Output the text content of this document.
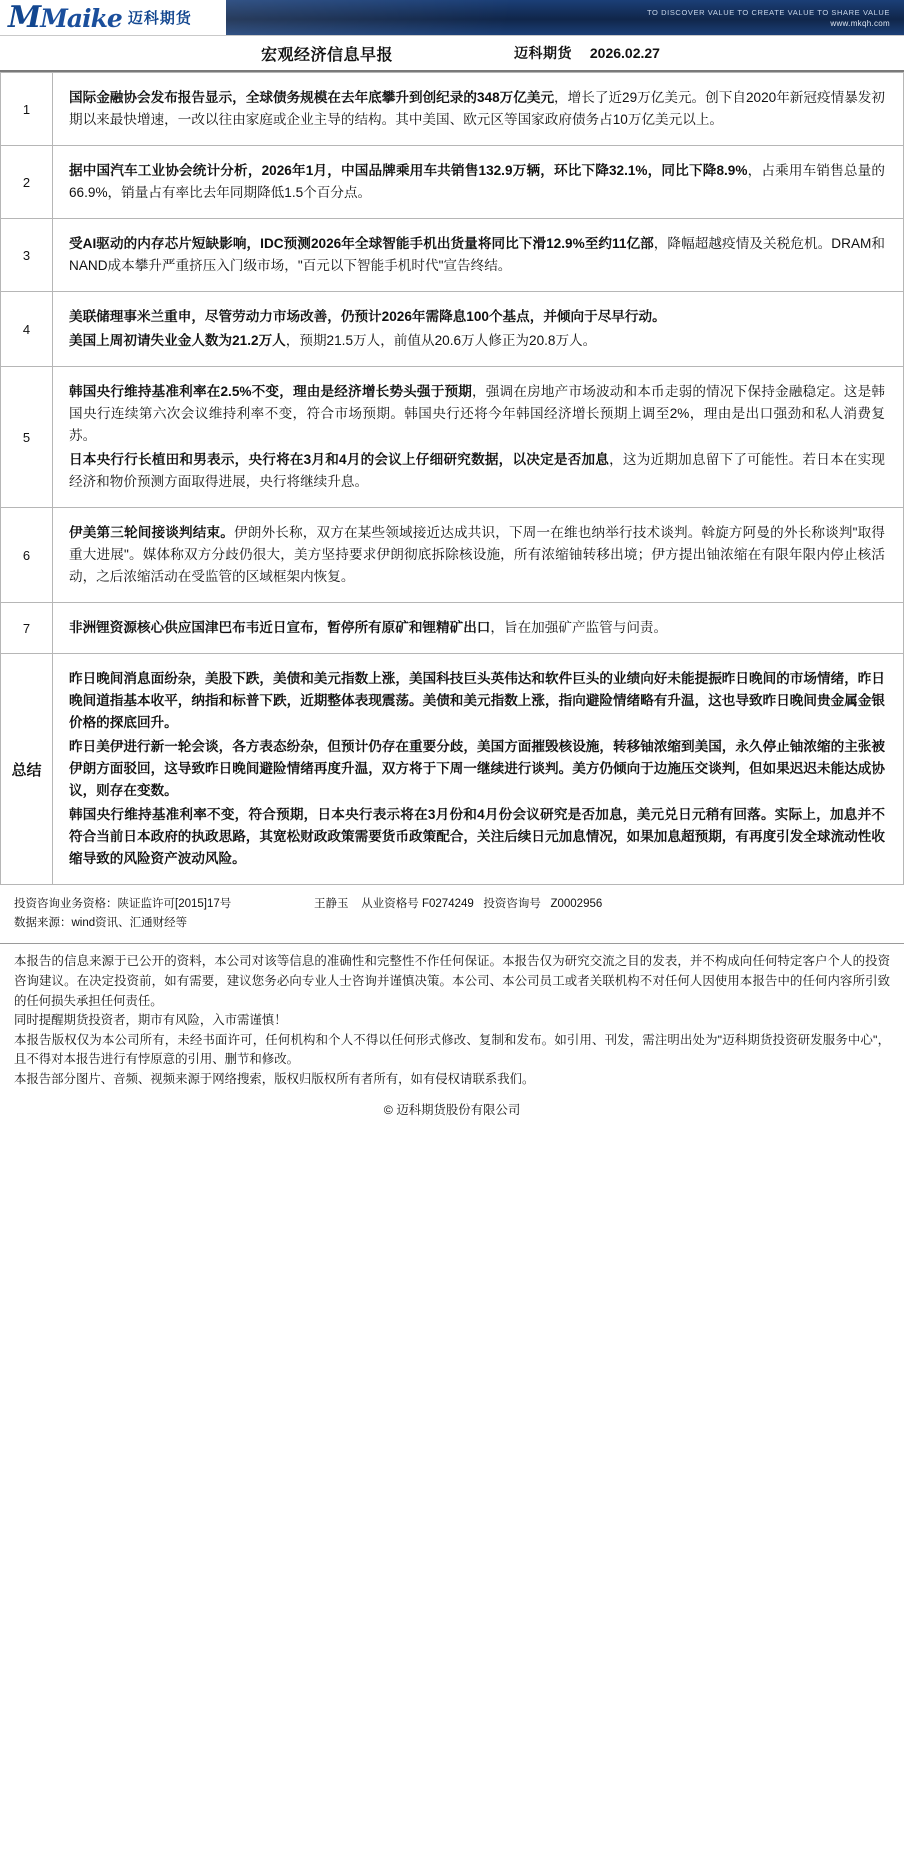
MMaike 迈科期货	TO DISCOVER VALUE TO CREATE VALUE TO SHARE VALUE
www.mkqh.com
宏观经济信息早报	迈科期货 2026.02.27
1	国际金融协会发布报告显示，全球债务规模在去年底攀升到创纪录的348万亿美元，增长了近29万亿美元。创下自2020年新冠疫情暴发初期以来最快增速，一改以往由家庭或企业主导的结构。其中美国、欧元区等国家政府债务占10万亿美元以上。

2	据中国汽车工业协会统计分析，2026年1月，中国品牌乘用车共销售132.9万辆，环比下降32.1%，同比下降8.9%，占乘用车销售总量的66.9%，销量占有率比去年同期降低1.5个百分点。

3	受AI驱动的内存芯片短缺影响，IDC预测2026年全球智能手机出货量将同比下滑12.9%至约11亿部，降幅超越疫情及关税危机。DRAM和NAND成本攀升严重挤压入门级市场，"百元以下智能手机时代"宣告终结。

4	美联储理事米兰重申，尽管劳动力市场改善，仍预计2026年需降息100个基点，并倾向于尽早行动。

美国上周初请失业金人数为21.2万人，预期21.5万人，前值从20.6万人修正为20.8万人。

5	韩国央行维持基准利率在2.5%不变，理由是经济增长势头强于预期，强调在房地产市场波动和本币走弱的情况下保持金融稳定。这是韩国央行连续第六次会议维持利率不变，符合市场预期。韩国央行还将今年韩国经济增长预期上调至2%，理由是出口强劲和私人消费复苏。

日本央行行长植田和男表示，央行将在3月和4月的会议上仔细研究数据，以决定是否加息，这为近期加息留下了可能性。若日本在实现经济和物价预测方面取得进展，央行将继续升息。

6	伊美第三轮间接谈判结束。伊朗外长称，双方在某些领域接近达成共识，下周一在维也纳举行技术谈判。斡旋方阿曼的外长称谈判"取得重大进展"。媒体称双方分歧仍很大，美方坚持要求伊朗彻底拆除核设施，所有浓缩铀转移出境；伊方提出铀浓缩在有限年限内停止核活动，之后浓缩活动在受监管的区域框架内恢复。

7	非洲锂资源核心供应国津巴布韦近日宣布，暂停所有原矿和锂精矿出口，旨在加强矿产监管与问责。

总结	昨日晚间消息面纷杂，美股下跌，美债和美元指数上涨，美国科技巨头英伟达和软件巨头的业绩向好未能提振昨日晚间的市场情绪，昨日晚间道指基本收平，纳指和标普下跌，近期整体表现震荡。美债和美元指数上涨，指向避险情绪略有升温，这也导致昨日晚间贵金属金银价格的探底回升。

昨日美伊进行新一轮会谈，各方表态纷杂，但预计仍存在重要分歧，美国方面摧毁核设施，转移铀浓缩到美国，永久停止铀浓缩的主张被伊朗方面驳回，这导致昨日晚间避险情绪再度升温，双方将于下周一继续进行谈判。美方仍倾向于边施压交谈判，但如果迟迟未能达成协议，则存在变数。

韩国央行维持基准利率不变，符合预期，日本央行表示将在3月份和4月份会议研究是否加息，美元兑日元稍有回落。实际上，加息并不符合当前日本政府的执政思路，其宽松财政政策需要货币政策配合，关注后续日元加息情况，如果加息超预期，有再度引发全球流动性收缩导致的风险资产波动风险。

投资咨询业务资格：陕证监许可[2015]17号	王静玉 从业资格号 F0274249 投资咨询号 Z0002956
数据来源：wind资讯、汇通财经等

本报告的信息来源于已公开的资料，本公司对该等信息的准确性和完整性不作任何保证。本报告仅为研究交流之目的发表，并不构成向任何特定客户个人的投资咨询建议。在决定投资前，如有需要，建议您务必向专业人士咨询并谨慎决策。本公司、本公司员工或者关联机构不对任何人因使用本报告中的任何内容所引致的任何损失承担任何责任。

同时提醒期货投资者，期市有风险，入市需谨慎！

本报告版权仅为本公司所有，未经书面许可，任何机构和个人不得以任何形式修改、复制和发布。如引用、刊发，需注明出处为"迈科期货投资研发服务中心"，且不得对本报告进行有悖原意的引用、删节和修改。

本报告部分图片、音频、视频来源于网络搜索，版权归版权所有者所有，如有侵权请联系我们。

© 迈科期货股份有限公司
